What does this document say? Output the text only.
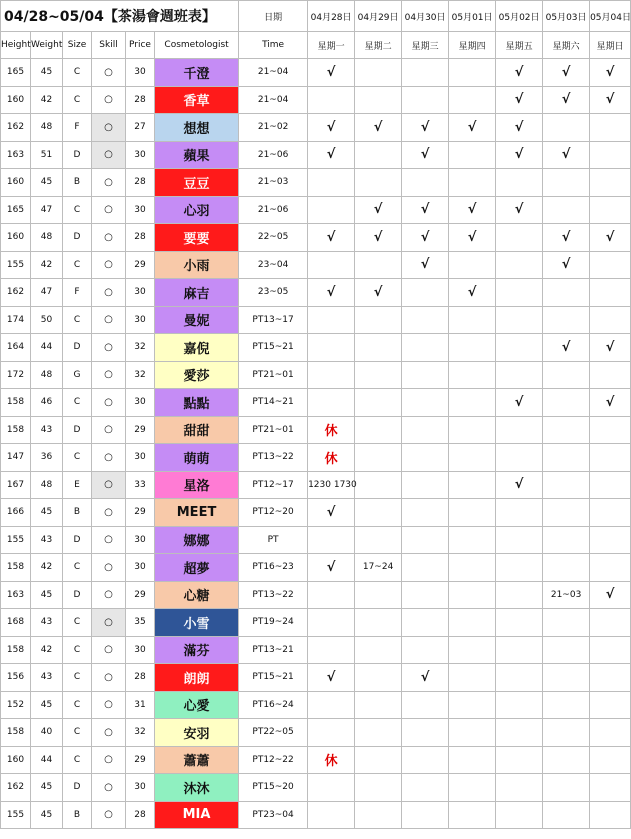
04/28~05/04【茶湯會週班表】						日期	04月28日	04月29日	04月30日	05月01日	05月02日	05月03日	05月04日
Height	Weight	Size	Skill	Price	Cosmetologist	Time	星期一	星期二	星期三	星期四	星期五	星期六	星期日
165	45	C	○	30	千澄	21~04	√				√	√	√
160	42	C	○	28	香草	21~04					√	√	√
162	48	F	○	27	想想	21~02	√	√	√	√	√		
163	51	D	○	30	蘋果	21~06	√		√		√	√	
160	45	B	○	28	豆豆	21~03							
165	47	C	○	30	心羽	21~06		√	√	√	√		
160	48	D	○	28	要要	22~05	√	√	√	√		√	√
155	42	C	○	29	小雨	23~04			√			√	
162	47	F	○	30	麻吉	23~05	√	√		√			
174	50	C	○	30	曼妮	PT13~17							
164	44	D	○	32	嘉倪	PT15~21						√	√
172	48	G	○	32	愛莎	PT21~01							
158	46	C	○	30	點點	PT14~21					√		√
158	43	D	○	29	甜甜	PT21~01	休						
147	36	C	○	30	萌萌	PT13~22	休						
167	48	E	○	33	星洛	PT12~17	1230 1730				√		
166	45	B	○	29	MEET	PT12~20	√						
155	43	D	○	30	娜娜	PT							
158	42	C	○	30	超夢	PT16~23	√	17~24					
163	45	D	○	29	心糖	PT13~22						21~03	√
168	43	C	○	35	小雪	PT19~24							
158	42	C	○	30	滿芬	PT13~21							
156	43	C	○	28	朗朗	PT15~21	√		√				
152	45	C	○	31	心愛	PT16~24							
158	40	C	○	32	安羽	PT22~05							
160	44	C	○	29	蕭蕭	PT12~22	休						
162	45	D	○	30	沐沐	PT15~20							
155	45	B	○	28	MIA	PT23~04							
